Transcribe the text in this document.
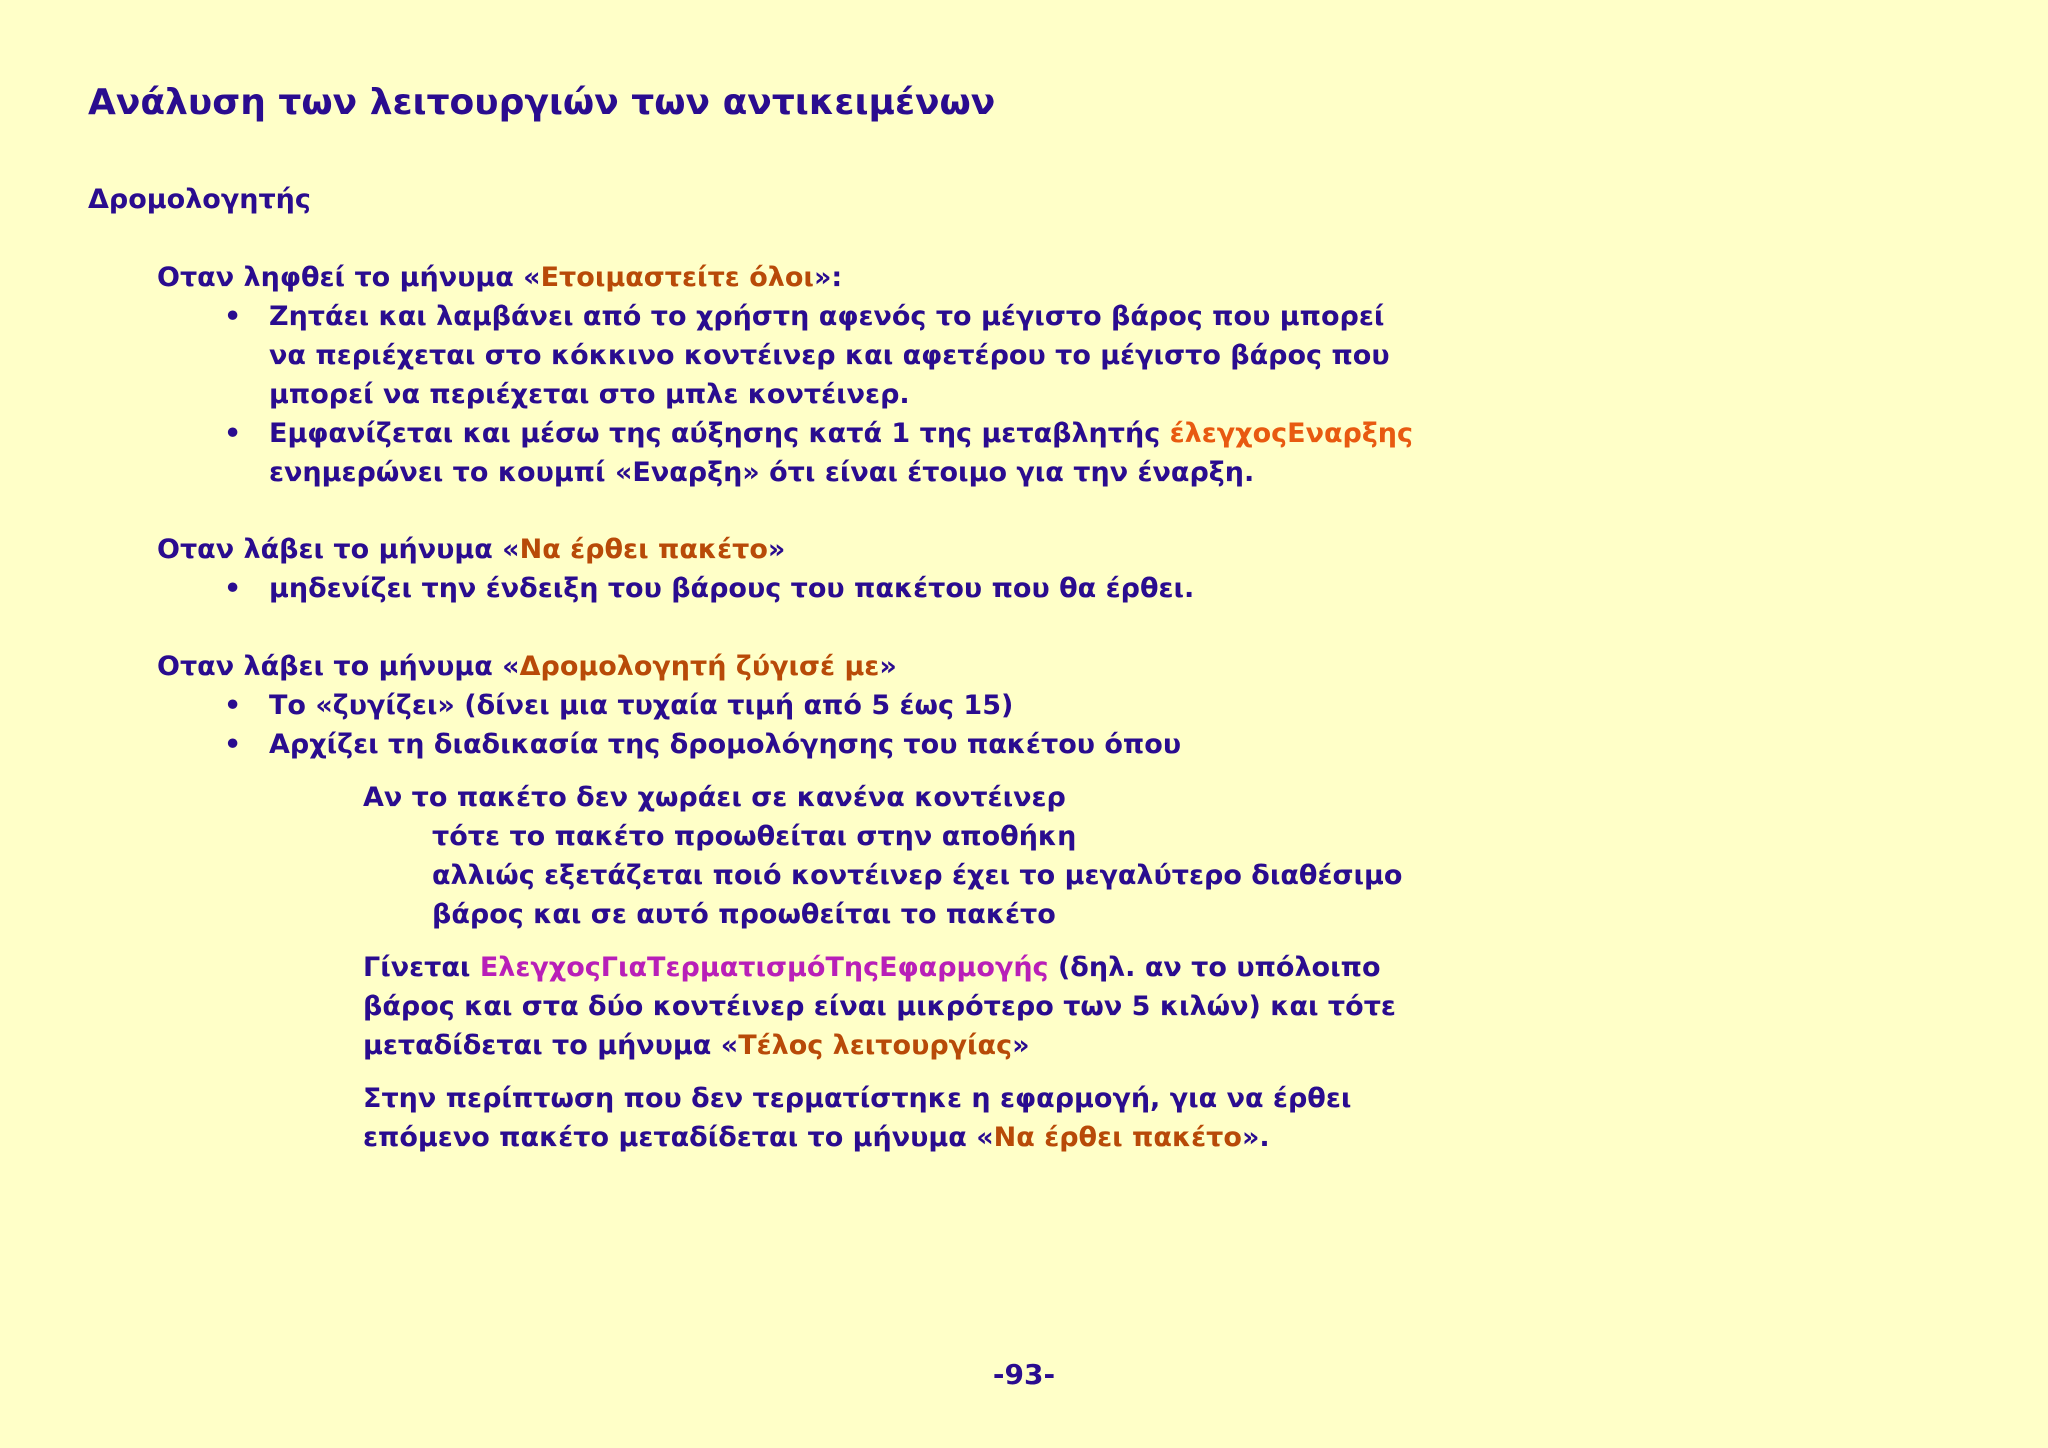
Ανάλυση των λειτουργιών των αντικειμένων
Δρομολογητής
Οταν ληφθεί το μήνυμα «Ετοιμαστείτε όλοι»:
• Ζητάει και λαμβάνει από το χρήστη αφενός το μέγιστο βάρος που μπορεί
να περιέχεται στο κόκκινο κοντέινερ και αφετέρου το μέγιστο βάρος που
μπορεί να περιέχεται στο μπλε κοντέινερ.
• Εμφανίζεται και μέσω της αύξησης κατά 1 της μεταβλητής έλεγχοςΕναρξης
ενημερώνει το κουμπί «Εναρξη» ότι είναι έτοιμο για την έναρξη.
Οταν λάβει το μήνυμα «Να έρθει πακέτο»
• μηδενίζει την ένδειξη του βάρους του πακέτου που θα έρθει.
Οταν λάβει το μήνυμα «Δρομολογητή ζύγισέ με»
• Το «ζυγίζει» (δίνει μια τυχαία τιμή από 5 έως 15)
• Αρχίζει τη διαδικασία της δρομολόγησης του πακέτου όπου
Αν το πακέτο δεν χωράει σε κανένα κοντέινερ
τότε το πακέτο προωθείται στην αποθήκη
αλλιώς εξετάζεται ποιό κοντέινερ έχει το μεγαλύτερο διαθέσιμο
βάρος και σε αυτό προωθείται το πακέτο
Γίνεται ΕλεγχοςΓιαΤερματισμόΤηςΕφαρμογής (δηλ. αν το υπόλοιπο
βάρος και στα δύο κοντέινερ είναι μικρότερο των 5 κιλών) και τότε
μεταδίδεται το μήνυμα «Τέλος λειτουργίας»
Στην περίπτωση που δεν τερματίστηκε η εφαρμογή, για να έρθει
επόμενο πακέτο μεταδίδεται το μήνυμα «Να έρθει πακέτο».
-93-
